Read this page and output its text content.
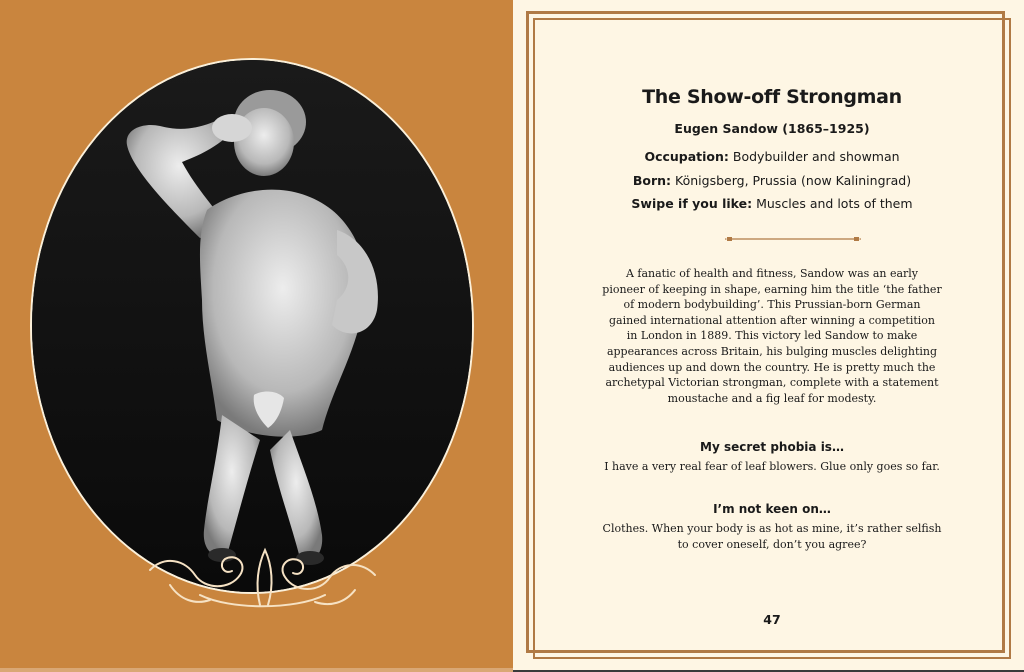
The Show-off Strongman
Eugen Sandow (1865–1925)
Occupation: Bodybuilder and showman
Born: Königsberg, Prussia (now Kaliningrad)
Swipe if you like: Muscles and lots of them
A fanatic of health and fitness, Sandow was an early
pioneer of keeping in shape, earning him the title ‘the father
of modern bodybuilding’. This Prussian-born German
gained international attention after winning a competition
in London in 1889. This victory led Sandow to make
appearances across Britain, his bulging muscles delighting
audiences up and down the country. He is pretty much the
archetypal Victorian strongman, complete with a statement
moustache and a fig leaf for modesty.
My secret phobia is…
I have a very real fear of leaf blowers. Glue only goes so far.
I’m not keen on…
Clothes. When your body is as hot as mine, it’s rather selfish
to cover oneself, don’t you agree?
47
